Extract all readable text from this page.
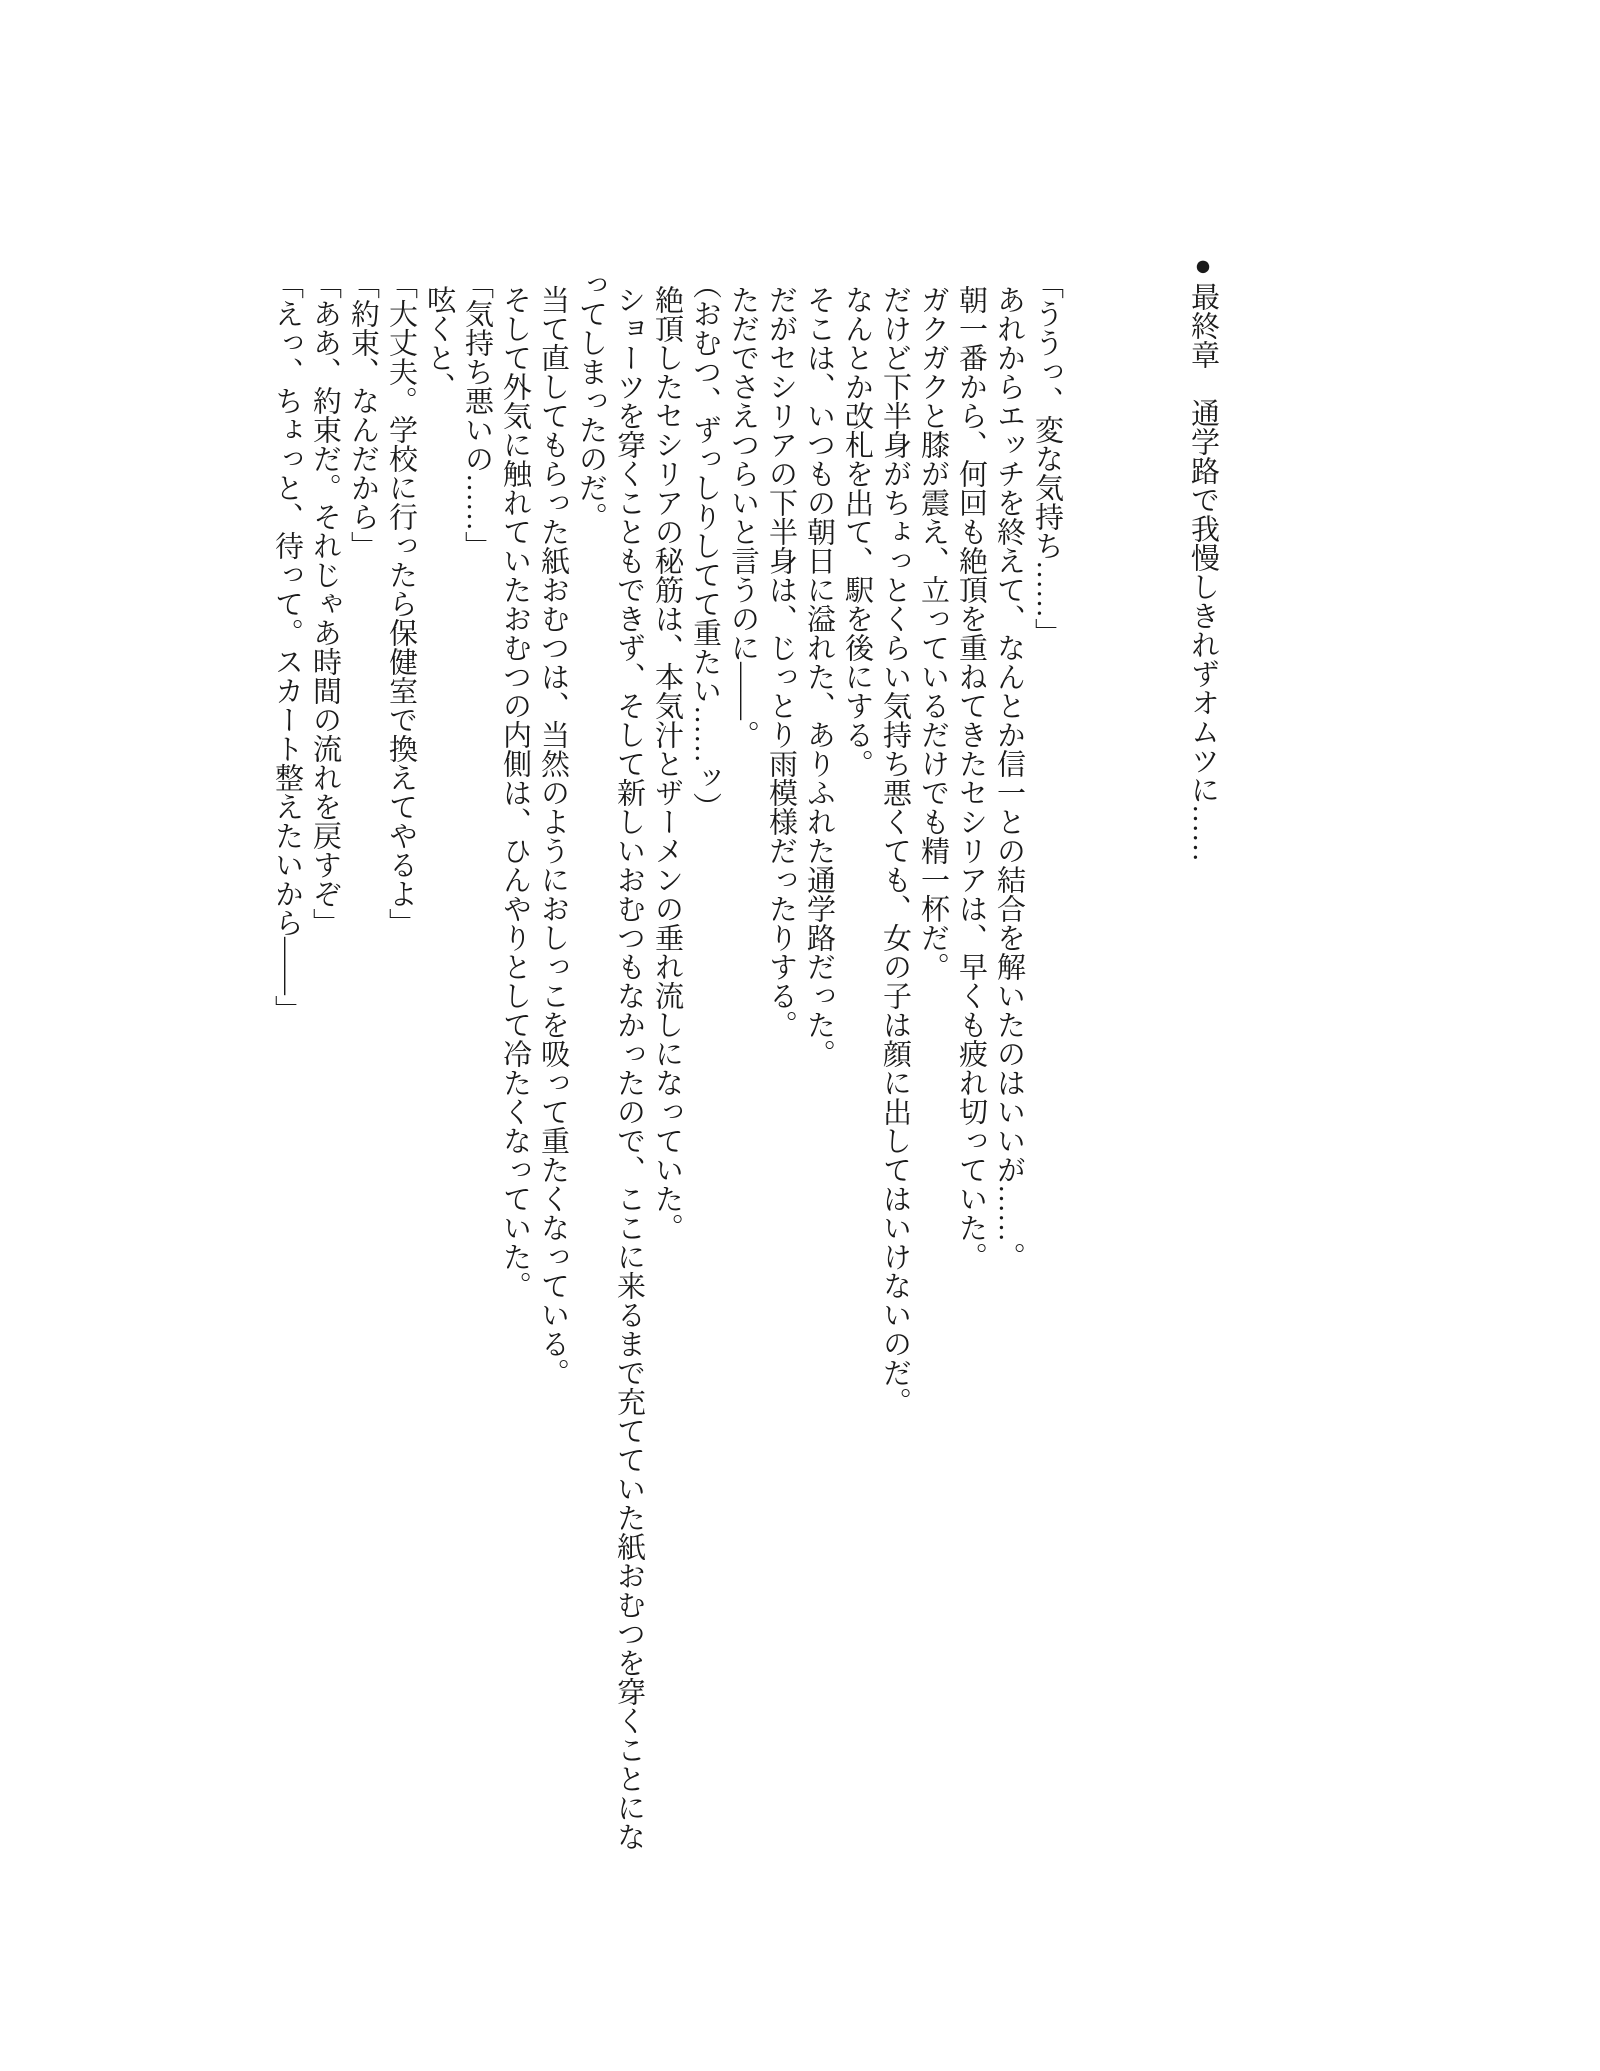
●最終章　通学路で我慢しきれずオムツに……

「ううっ、変な気持ち……」

あれからエッチを終えて、なんとか信一との結合を解いたのはいいが……。

朝一番から、何回も絶頂を重ねてきたセシリアは、早くも疲れ切っていた。

ガクガクと膝が震え、立っているだけでも精一杯だ。

だけど下半身がちょっとくらい気持ち悪くても、女の子は顔に出してはいけないのだ。

なんとか改札を出て、駅を後にする。

そこは、いつもの朝日に溢れた、ありふれた通学路だった。

だがセシリアの下半身は、じっとり雨模様だったりする。

ただでさえつらいと言うのに――。

（おむつ、ずっしりしてて重たい……ッ）

絶頂したセシリアの秘筋は、本気汁とザーメンの垂れ流しになっていた。

ショーツを穿くこともできず、そして新しいおむつもなかったので、ここに来るまで充てていた紙おむつを穿くことになってしまったのだ。

当て直してもらった紙おむつは、当然のようにおしっこを吸って重たくなっている。

そして外気に触れていたおむつの内側は、ひんやりとして冷たくなっていた。

「気持ち悪いの……」

呟くと、

「大丈夫。学校に行ったら保健室で換えてやるよ」

「約束、なんだから」

「ああ、約束だ。それじゃあ時間の流れを戻すぞ」

「えっ、ちょっと、待って。スカート整えたいから――」
